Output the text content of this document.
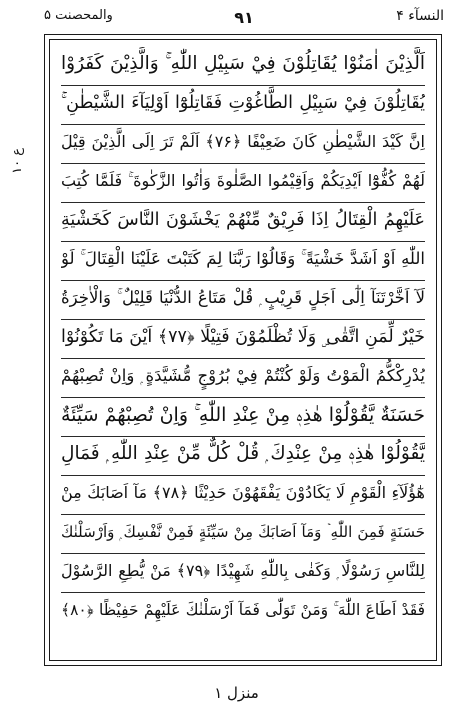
النسآء ۴
۹۱
والمحصنت ۵
ع ۱۰
اَلَّذِيْنَ اٰمَنُوْا يُقَاتِلُوْنَ فِيْ سَبِيْلِ اللّٰهِ ۚ وَالَّذِيْنَ كَفَرُوْا
يُقَاتِلُوْنَ فِيْ سَبِيْلِ الطَّاغُوْتِ فَقَاتِلُوْٓا اَوْلِيَآءَ الشَّيْطٰنِ ۚ
اِنَّ كَيْدَ الشَّيْطٰنِ كَانَ ضَعِيْفًا ﴿۷۶﴾ اَلَمْ تَرَ اِلَى الَّذِيْنَ قِيْلَ
لَهُمْ كُفُّوْٓا اَيْدِيَكُمْ وَاَقِيْمُوا الصَّلٰوةَ وَاٰتُوا الزَّكٰوةَ ۚ فَلَمَّا كُتِبَ
عَلَيْهِمُ الْقِتَالُ اِذَا فَرِيْقٌ مِّنْهُمْ يَخْشَوْنَ النَّاسَ كَخَشْيَةِ
اللّٰهِ اَوْ اَشَدَّ خَشْيَةً ۚ وَقَالُوْا رَبَّنَا لِمَ كَتَبْتَ عَلَيْنَا الْقِتَالَ ۚ لَوْ
لَآ اَخَّرْتَنَآ اِلٰٓى اَجَلٍ قَرِيْبٍ ۭ قُلْ مَتَاعُ الدُّنْيَا قَلِيْلٌ ۚ وَالْاٰخِرَةُ
خَيْرٌ لِّمَنِ اتَّقٰى ۣ وَلَا تُظْلَمُوْنَ فَتِيْلًا ﴿۷۷﴾ اَيْنَ مَا تَكُوْنُوْا
يُدْرِكْكُّمُ الْمَوْتُ وَلَوْ كُنْتُمْ فِيْ بُرُوْجٍ مُّشَيَّدَةٍ ۭ وَاِنْ تُصِبْهُمْ
حَسَنَةٌ يَّقُوْلُوْا هٰذِهٖ مِنْ عِنْدِ اللّٰهِ ۚ وَاِنْ تُصِبْهُمْ سَيِّئَةٌ
يَّقُوْلُوْا هٰذِهٖ مِنْ عِنْدِكَ ۭ قُلْ كُلٌّ مِّنْ عِنْدِ اللّٰهِ ۭ فَمَالِ
هٰٓؤُلَآءِ الْقَوْمِ لَا يَكَادُوْنَ يَفْقَهُوْنَ حَدِيْثًا ﴿۷۸﴾ مَآ اَصَابَكَ مِنْ
حَسَنَةٍ فَمِنَ اللّٰهِ ۡ وَمَآ اَصَابَكَ مِنْ سَيِّئَةٍ فَمِنْ نَّفْسِكَ ۭ وَاَرْسَلْنٰكَ
لِلنَّاسِ رَسُوْلًا ۭ وَكَفٰى بِاللّٰهِ شَهِيْدًا ﴿۷۹﴾ مَنْ يُّطِعِ الرَّسُوْلَ
فَقَدْ اَطَاعَ اللّٰهَ ۚ وَمَنْ تَوَلّٰى فَمَآ اَرْسَلْنٰكَ عَلَيْهِمْ حَفِيْظًا ﴿۸۰﴾
منزل ۱
